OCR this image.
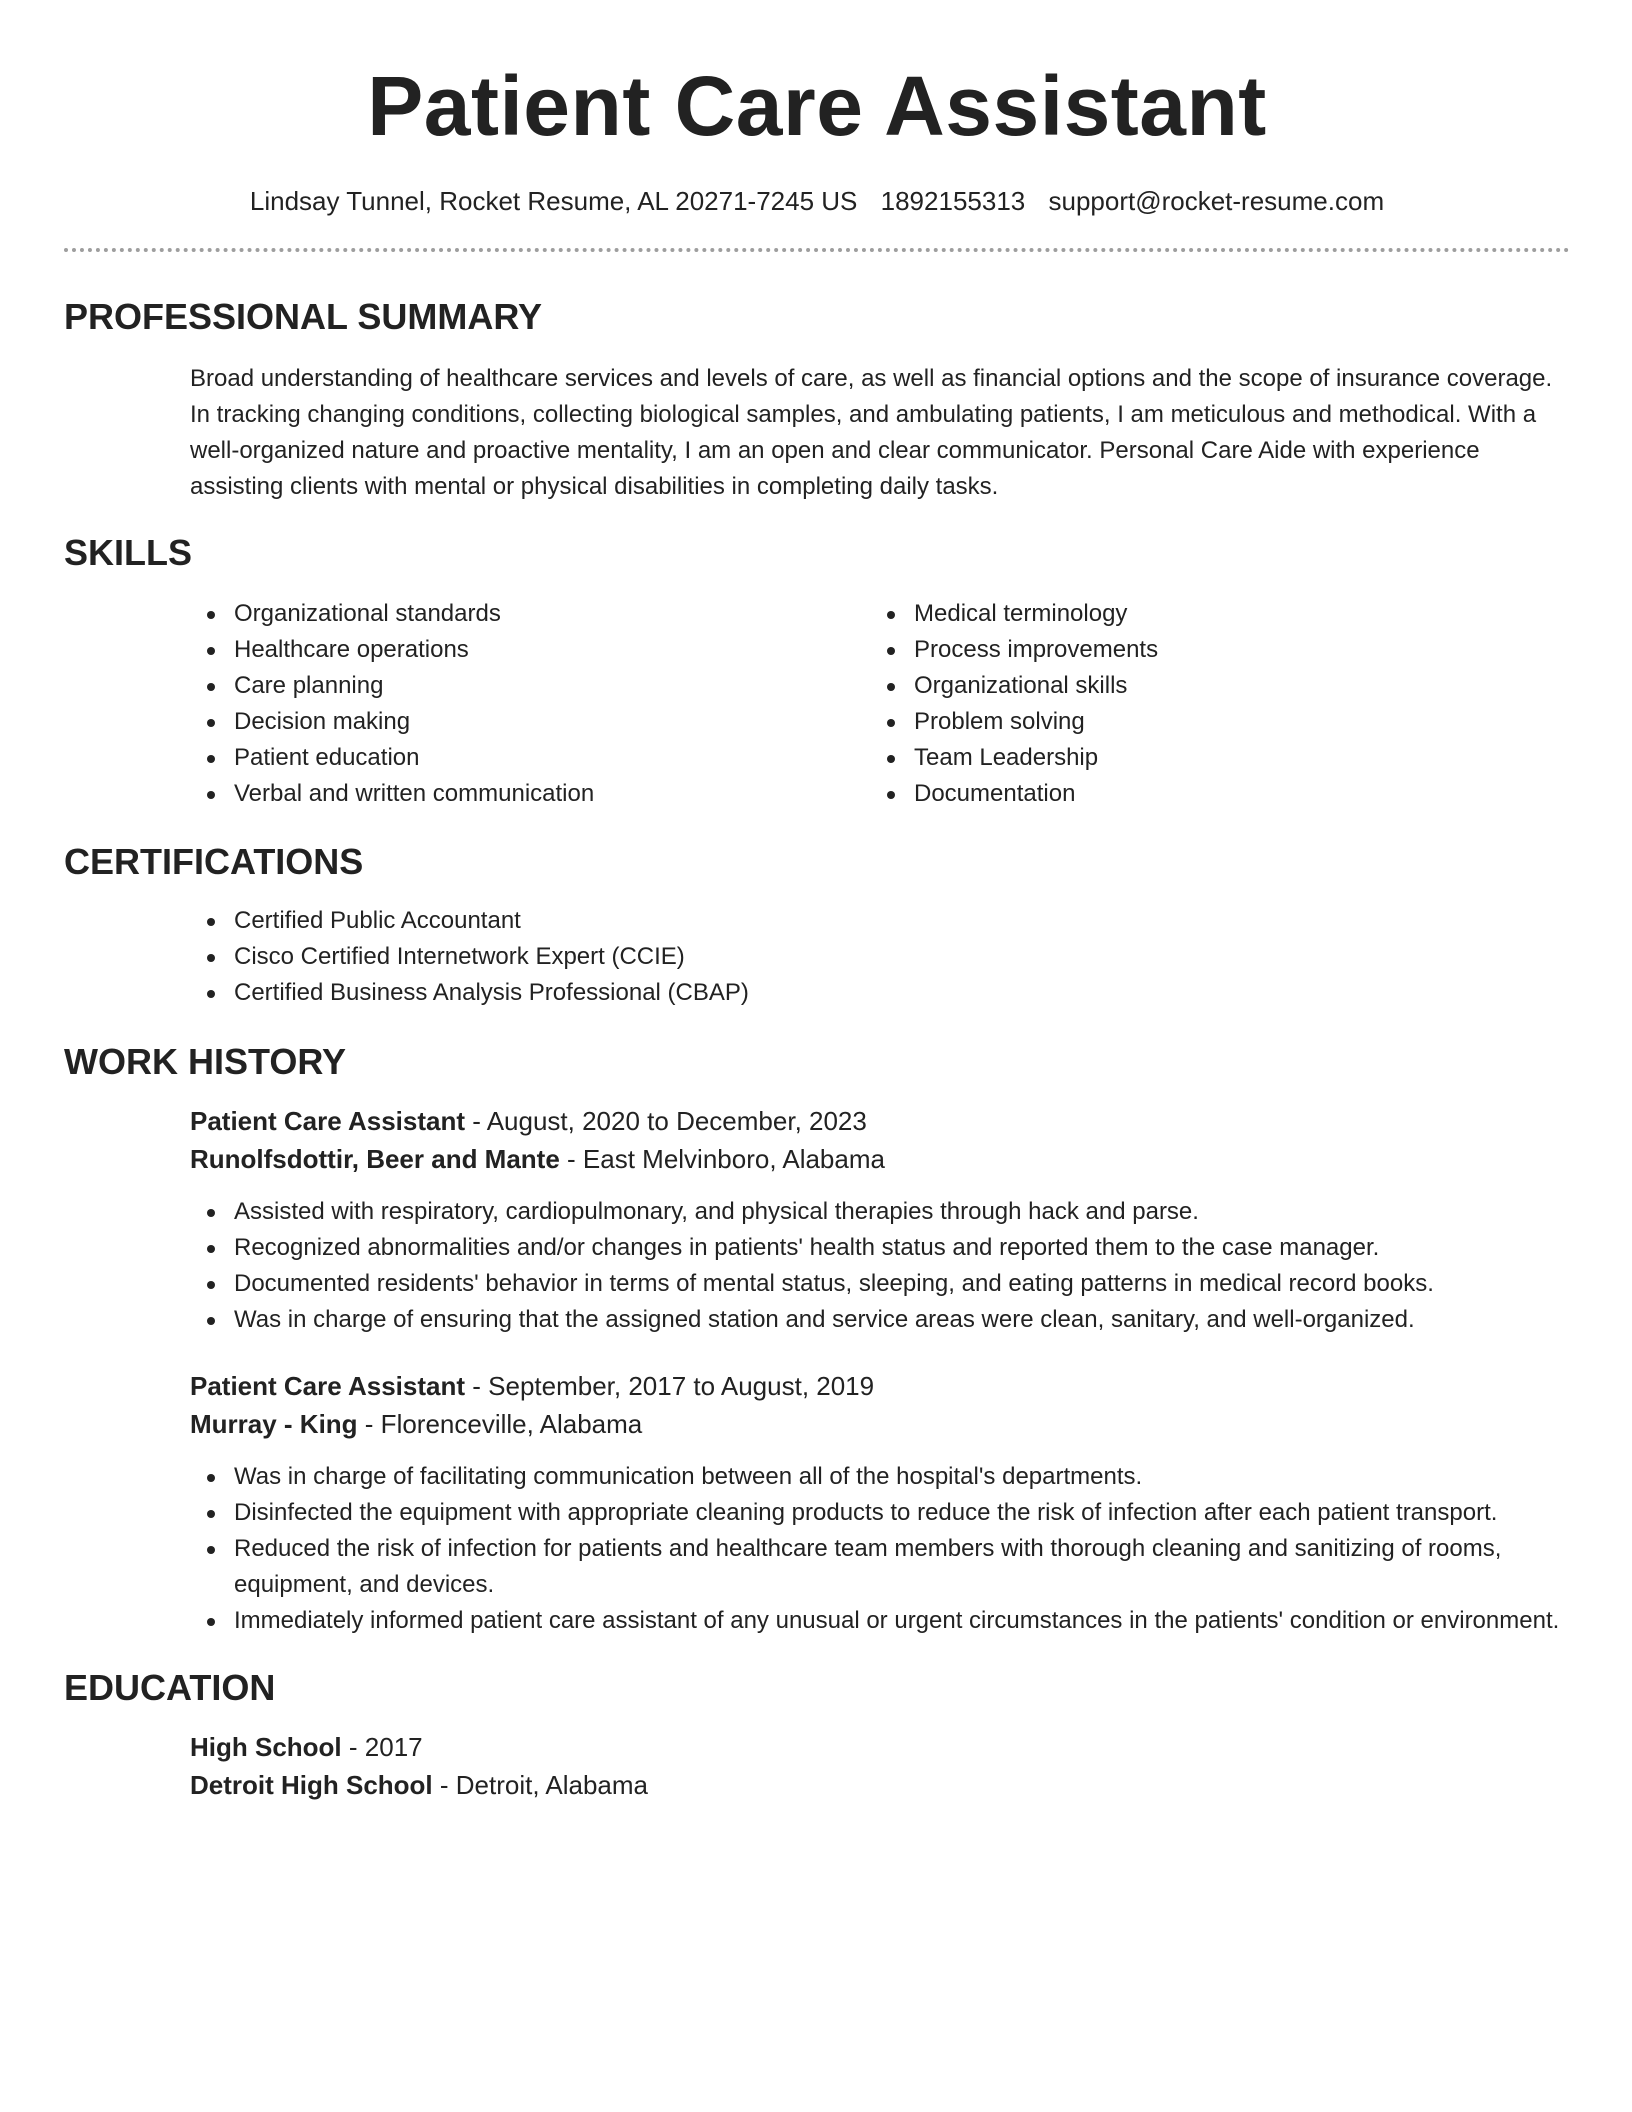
Patient Care Assistant
Lindsay Tunnel, Rocket Resume, AL 20271-7245 US 1892155313 support@rocket-resume.com
PROFESSIONAL SUMMARY

Broad understanding of healthcare services and levels of care, as well as financial options and the scope of insurance coverage. In tracking changing conditions, collecting biological samples, and ambulating patients, I am meticulous and methodical. With a well-organized nature and proactive mentality, I am an open and clear communicator. Personal Care Aide with experience assisting clients with mental or physical disabilities in completing daily tasks.

SKILLS
Organizational standards
Healthcare operations
Care planning
Decision making
Patient education
Verbal and written communication
Medical terminology
Process improvements
Organizational skills
Problem solving
Team Leadership
Documentation
CERTIFICATIONS
Certified Public Accountant
Cisco Certified Internetwork Expert (CCIE)
Certified Business Analysis Professional (CBAP)
WORK HISTORY
Patient Care Assistant - August, 2020 to December, 2023
Runolfsdottir, Beer and Mante - East Melvinboro, Alabama
Assisted with respiratory, cardiopulmonary, and physical therapies through hack and parse.
Recognized abnormalities and/or changes in patients' health status and reported them to the case manager.
Documented residents' behavior in terms of mental status, sleeping, and eating patterns in medical record books.
Was in charge of ensuring that the assigned station and service areas were clean, sanitary, and well-organized.
Patient Care Assistant - September, 2017 to August, 2019
Murray - King - Florenceville, Alabama
Was in charge of facilitating communication between all of the hospital's departments.
Disinfected the equipment with appropriate cleaning products to reduce the risk of infection after each patient transport.
Reduced the risk of infection for patients and healthcare team members with thorough cleaning and sanitizing of rooms, equipment, and devices.
Immediately informed patient care assistant of any unusual or urgent circumstances in the patients' condition or environment.
EDUCATION
High School - 2017
Detroit High School - Detroit, Alabama
